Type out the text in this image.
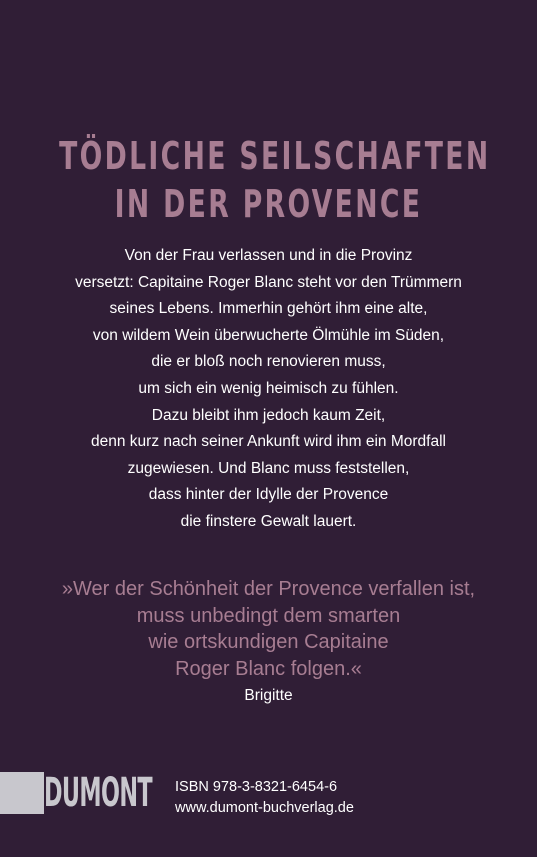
TÖDLICHE SEILSCHAFTEN
IN DER PROVENCE
Von der Frau verlassen und in die Provinz
versetzt: Capitaine Roger Blanc steht vor den Trümmern
seines Lebens. Immerhin gehört ihm eine alte,
von wildem Wein überwucherte Ölmühle im Süden,
die er bloß noch renovieren muss,
um sich ein wenig heimisch zu fühlen.
Dazu bleibt ihm jedoch kaum Zeit,
denn kurz nach seiner Ankunft wird ihm ein Mordfall
zugewiesen. Und Blanc muss feststellen,
dass hinter der Idylle der Provence
die finstere Gewalt lauert.
»Wer der Schönheit der Provence verfallen ist,
muss unbedingt dem smarten
wie ortskundigen Capitaine
Roger Blanc folgen.«
Brigitte
DUMONT ISBN 978-3-8321-6454-6
www.dumont-buchverlag.de
